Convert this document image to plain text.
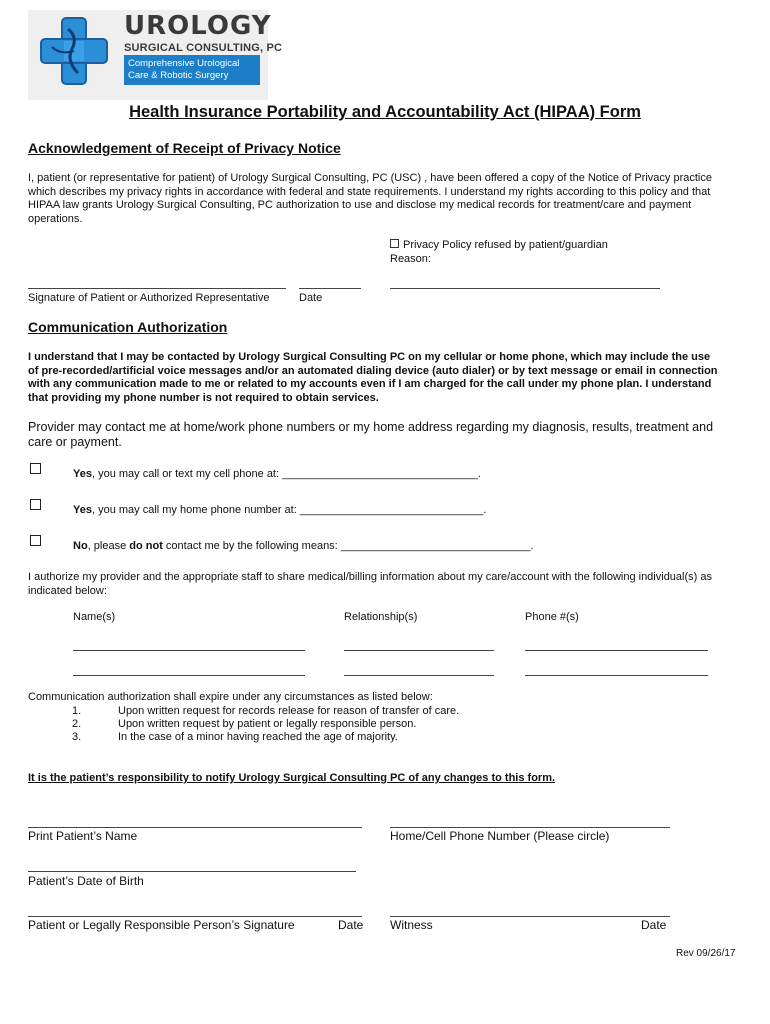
UROLOGY
SURGICAL CONSULTING, PC
Comprehensive Urological
Care & Robotic Surgery
Health Insurance Portability and Accountability Act (HIPAA) Form
Acknowledgement of Receipt of Privacy Notice
I, patient (or representative for patient) of Urology Surgical Consulting, PC (USC) , have been offered a copy of the Notice of Privacy practice
which describes my privacy rights in accordance with federal and state requirements. I understand my rights according to this policy and that
HIPAA law grants Urology Surgical Consulting, PC authorization to use and disclose my medical records for treatment/care and payment
operations.
Privacy Policy refused by patient/guardian
Reason:
Signature of Patient or Authorized Representative	Date
Communication Authorization
I understand that I may be contacted by Urology Surgical Consulting PC on my cellular or home phone, which may include the use
of pre-recorded/artificial voice messages and/or an automated dialing device (auto dialer) or by text message or email in connection
with any communication made to me or related to my accounts even if I am charged for the call under my phone plan. I understand
that providing my phone number is not required to obtain services.
Provider may contact me at home/work phone numbers or my home address regarding my diagnosis, results, treatment and
care or payment.
Yes, you may call or text my cell phone at: ________________________________.
Yes, you may call my home phone number at: ______________________________.
No, please do not contact me by the following means: _______________________________.
I authorize my provider and the appropriate staff to share medical/billing information about my care/account with the following individual(s) as
indicated below:
Name(s)	Relationship(s)	Phone #(s)
Communication authorization shall expire under any circumstances as listed below:
1.	Upon written request for records release for reason of transfer of care.
2.	Upon written request by patient or legally responsible person.
3.	In the case of a minor having reached the age of majority.
It is the patient’s responsibility to notify Urology Surgical Consulting PC of any changes to this form.
Print Patient’s Name	Home/Cell Phone Number (Please circle)
Patient’s Date of Birth
Patient or Legally Responsible Person’s Signature	Date Witness	Date
Rev 09/26/17
